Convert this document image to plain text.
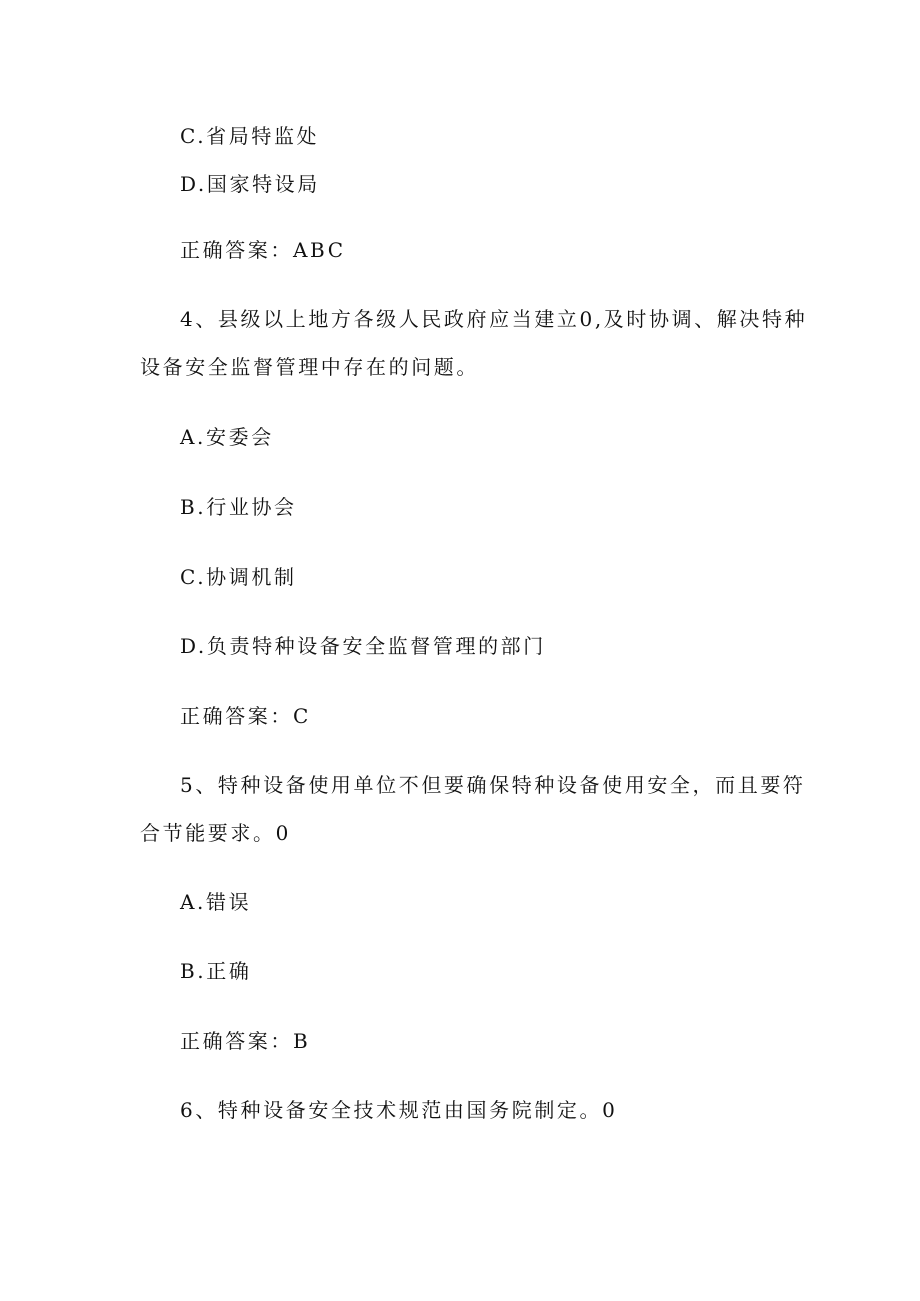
C.省局特监处
D.国家特设局
正确答案：ABC
4、县级以上地方各级人民政府应当建立0,及时协调、解决特种
设备安全监督管理中存在的问题。
A.安委会
B.行业协会
C.协调机制
D.负责特种设备安全监督管理的部门
正确答案：C
5、特种设备使用单位不但要确保特种设备使用安全，而且要符
合节能要求。0
A.错误
B.正确
正确答案：B
6、特种设备安全技术规范由国务院制定。0
